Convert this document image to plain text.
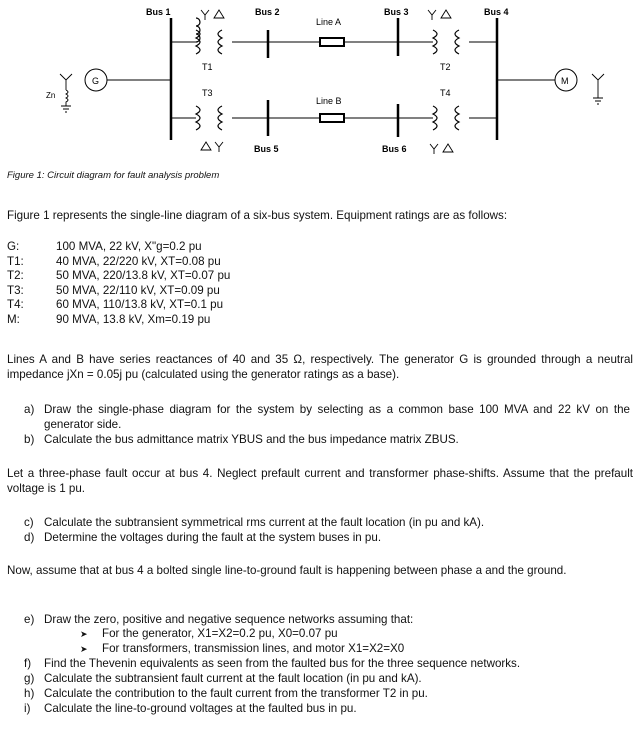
Bus 1	Bus 2	Bus 3	Bus 4
Bus 5	Bus 6
Line A
Line B
T1	T2
T3	T4
G	M
Zn
Figure 1: Circuit diagram for fault analysis problem
Figure 1 represents the single-line diagram of a six-bus system. Equipment ratings are as follows:
G:	100 MVA, 22 kV, X"g=0.2 pu
T1:	40 MVA, 22/220 kV, XT=0.08 pu
T2:	50 MVA, 220/13.8 kV, XT=0.07 pu
T3:	50 MVA, 22/110 kV, XT=0.09 pu
T4:	60 MVA, 110/13.8 kV, XT=0.1 pu
M:	90 MVA, 13.8 kV, Xm=0.19 pu
Lines A and B have series reactances of 40 and 35 Ω, respectively. The generator G is grounded through a neutral impedance jXn = 0.05j pu (calculated using the generator ratings as a base).
a) Draw the single-phase diagram for the system by selecting as a common base 100 MVA and 22 kV on the generator side.
b) Calculate the bus admittance matrix YBUS and the bus impedance matrix ZBUS.
Let a three-phase fault occur at bus 4. Neglect prefault current and transformer phase-shifts. Assume that the prefault voltage is 1 pu.
c) Calculate the subtransient symmetrical rms current at the fault location (in pu and kA).
d) Determine the voltages during the fault at the system buses in pu.
Now, assume that at bus 4 a bolted single line-to-ground fault is happening between phase a and the ground.
e) Draw the zero, positive and negative sequence networks assuming that:
➤ For the generator, X1=X2=0.2 pu, X0=0.07 pu
➤ For transformers, transmission lines, and motor X1=X2=X0
f) Find the Thevenin equivalents as seen from the faulted bus for the three sequence networks.
g) Calculate the subtransient fault current at the fault location (in pu and kA).
h) Calculate the contribution to the fault current from the transformer T2 in pu.
i) Calculate the line-to-ground voltages at the faulted bus in pu.
